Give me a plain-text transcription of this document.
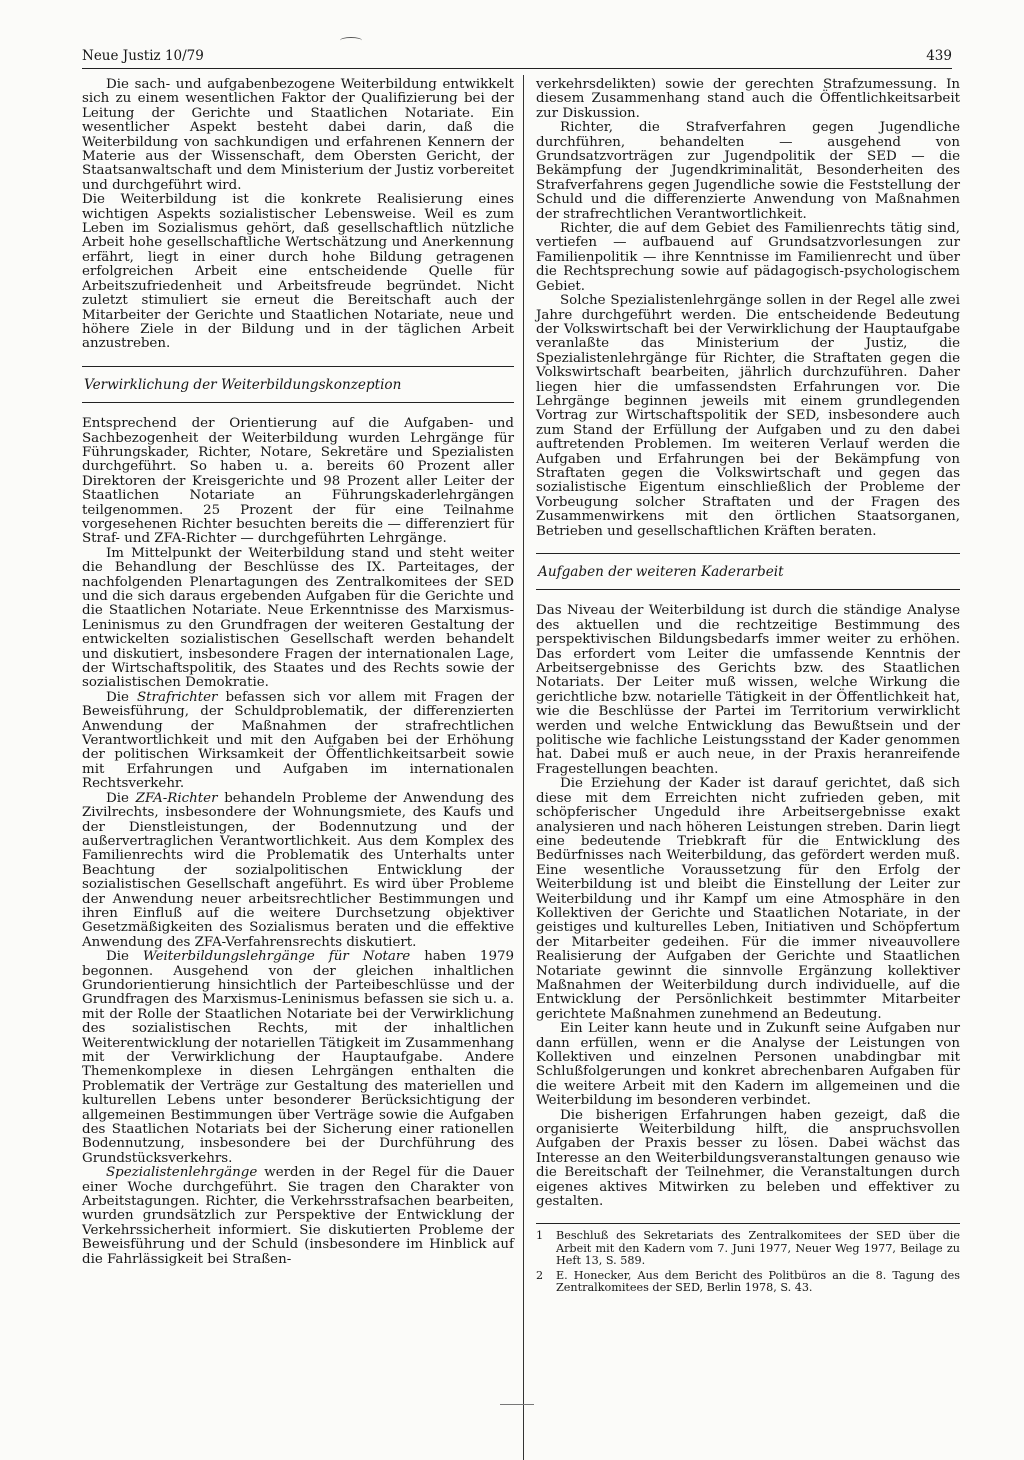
Neue Justiz 10/79	439

Die sach- und aufgabenbezogene Weiterbildung entwikkelt sich zu einem wesentlichen Faktor der Qualifizierung bei der Leitung der Gerichte und Staatlichen Notariate. Ein wesentlicher Aspekt besteht dabei darin, daß die Weiterbildung von sachkundigen und erfahrenen Kennern der Materie aus der Wissenschaft, dem Obersten Gericht, der Staatsanwaltschaft und dem Ministerium der Justiz vorbereitet und durchgeführt wird.

Die Weiterbildung ist die konkrete Realisierung eines wichtigen Aspekts sozialistischer Lebensweise. Weil es zum Leben im Sozialismus gehört, daß gesellschaftlich nützliche Arbeit hohe gesellschaftliche Wertschätzung und Anerkennung erfährt, liegt in einer durch hohe Bildung getragenen erfolgreichen Arbeit eine entscheidende Quelle für Arbeitszufriedenheit und Arbeitsfreude begründet. Nicht zuletzt stimuliert sie erneut die Bereitschaft auch der Mitarbeiter der Gerichte und Staatlichen Notariate, neue und höhere Ziele in der Bildung und in der täglichen Arbeit anzustreben.

Verwirklichung der Weiterbildungskonzeption

Entsprechend der Orientierung auf die Aufgaben- und Sachbezogenheit der Weiterbildung wurden Lehrgänge für Führungskader, Richter, Notare, Sekretäre und Spezialisten durchgeführt. So haben u. a. bereits 60 Prozent aller Direktoren der Kreisgerichte und 98 Prozent aller Leiter der Staatlichen Notariate an Führungskaderlehrgängen teilgenommen. 25 Prozent der für eine Teilnahme vorgesehenen Richter besuchten bereits die — differenziert für Straf- und ZFA-Richter — durchgeführten Lehrgänge.

Im Mittelpunkt der Weiterbildung stand und steht weiter die Behandlung der Beschlüsse des IX. Parteitages, der nachfolgenden Plenartagungen des Zentralkomitees der SED und die sich daraus ergebenden Aufgaben für die Gerichte und die Staatlichen Notariate. Neue Erkenntnisse des Marxismus-Leninismus zu den Grundfragen der weiteren Gestaltung der entwickelten sozialistischen Gesellschaft werden behandelt und diskutiert, insbesondere Fragen der internationalen Lage, der Wirtschaftspolitik, des Staates und des Rechts sowie der sozialistischen Demokratie.

Die Strafrichter befassen sich vor allem mit Fragen der Beweisführung, der Schuldproblematik, der differenzierten Anwendung der Maßnahmen der strafrechtlichen Verantwortlichkeit und mit den Aufgaben bei der Erhöhung der politischen Wirksamkeit der Öffentlichkeitsarbeit sowie mit Erfahrungen und Aufgaben im internationalen Rechtsverkehr.

Die ZFA-Richter behandeln Probleme der Anwendung des Zivilrechts, insbesondere der Wohnungsmiete, des Kaufs und der Dienstleistungen, der Bodennutzung und der außervertraglichen Verantwortlichkeit. Aus dem Komplex des Familienrechts wird die Problematik des Unterhalts unter Beachtung der sozialpolitischen Entwicklung der sozialistischen Gesellschaft angeführt. Es wird über Probleme der Anwendung neuer arbeitsrechtlicher Bestimmungen und ihren Einfluß auf die weitere Durchsetzung objektiver Gesetzmäßigkeiten des Sozialismus beraten und die effektive Anwendung des ZFA-Verfahrensrechts diskutiert.

Die Weiterbildungslehrgänge für Notare haben 1979 begonnen. Ausgehend von der gleichen inhaltlichen Grundorientierung hinsichtlich der Parteibeschlüsse und der Grundfragen des Marxismus-Leninismus befassen sie sich u. a. mit der Rolle der Staatlichen Notariate bei der Verwirklichung des sozialistischen Rechts, mit der inhaltlichen Weiterentwicklung der notariellen Tätigkeit im Zusammenhang mit der Verwirklichung der Hauptaufgabe. Andere Themenkomplexe in diesen Lehrgängen enthalten die Problematik der Verträge zur Gestaltung des materiellen und kulturellen Lebens unter besonderer Berücksichtigung der allgemeinen Bestimmungen über Verträge sowie die Aufgaben des Staatlichen Notariats bei der Sicherung einer rationellen Bodennutzung, insbesondere bei der Durchführung des Grundstücksverkehrs.

Spezialistenlehrgänge werden in der Regel für die Dauer einer Woche durchgeführt. Sie tragen den Charakter von Arbeitstagungen. Richter, die Verkehrsstrafsachen bearbeiten, wurden grundsätzlich zur Perspektive der Entwicklung der Verkehrssicherheit informiert. Sie diskutierten Probleme der Beweisführung und der Schuld (insbesondere im Hinblick auf die Fahrlässigkeit bei Straßen-

verkehrsdelikten) sowie der gerechten Strafzumessung. In diesem Zusammenhang stand auch die Öffentlichkeitsarbeit zur Diskussion.

Richter, die Strafverfahren gegen Jugendliche durchführen, behandelten — ausgehend von Grundsatzvorträgen zur Jugendpolitik der SED — die Bekämpfung der Jugendkriminalität, Besonderheiten des Strafverfahrens gegen Jugendliche sowie die Feststellung der Schuld und die differenzierte Anwendung von Maßnahmen der strafrechtlichen Verantwortlichkeit.

Richter, die auf dem Gebiet des Familienrechts tätig sind, vertiefen — aufbauend auf Grundsatzvorlesungen zur Familienpolitik — ihre Kenntnisse im Familienrecht und über die Rechtsprechung sowie auf pädagogisch-psychologischem Gebiet.

Solche Spezialistenlehrgänge sollen in der Regel alle zwei Jahre durchgeführt werden. Die entscheidende Bedeutung der Volkswirtschaft bei der Verwirklichung der Hauptaufgabe veranlaßte das Ministerium der Justiz, die Spezialistenlehrgänge für Richter, die Straftaten gegen die Volkswirtschaft bearbeiten, jährlich durchzuführen. Daher liegen hier die umfassendsten Erfahrungen vor. Die Lehrgänge beginnen jeweils mit einem grundlegenden Vortrag zur Wirtschaftspolitik der SED, insbesondere auch zum Stand der Erfüllung der Aufgaben und zu den dabei auftretenden Problemen. Im weiteren Verlauf werden die Aufgaben und Erfahrungen bei der Bekämpfung von Straftaten gegen die Volkswirtschaft und gegen das sozialistische Eigentum einschließlich der Probleme der Vorbeugung solcher Straftaten und der Fragen des Zusammenwirkens mit den örtlichen Staatsorganen, Betrieben und gesellschaftlichen Kräften beraten.

Aufgaben der weiteren Kaderarbeit

Das Niveau der Weiterbildung ist durch die ständige Analyse des aktuellen und die rechtzeitige Bestimmung des perspektivischen Bildungsbedarfs immer weiter zu erhöhen. Das erfordert vom Leiter die umfassende Kenntnis der Arbeitsergebnisse des Gerichts bzw. des Staatlichen Notariats. Der Leiter muß wissen, welche Wirkung die gerichtliche bzw. notarielle Tätigkeit in der Öffentlichkeit hat, wie die Beschlüsse der Partei im Territorium verwirklicht werden und welche Entwicklung das Bewußtsein und der politische wie fachliche Leistungsstand der Kader genommen hat. Dabei muß er auch neue, in der Praxis heranreifende Fragestellungen beachten.

Die Erziehung der Kader ist darauf gerichtet, daß sich diese mit dem Erreichten nicht zufrieden geben, mit schöpferischer Ungeduld ihre Arbeitsergebnisse exakt analysieren und nach höheren Leistungen streben. Darin liegt eine bedeutende Triebkraft für die Entwicklung des Bedürfnisses nach Weiterbildung, das gefördert werden muß. Eine wesentliche Voraussetzung für den Erfolg der Weiterbildung ist und bleibt die Einstellung der Leiter zur Weiterbildung und ihr Kampf um eine Atmosphäre in den Kollektiven der Gerichte und Staatlichen Notariate, in der geistiges und kulturelles Leben, Initiativen und Schöpfertum der Mitarbeiter gedeihen. Für die immer niveauvollere Realisierung der Aufgaben der Gerichte und Staatlichen Notariate gewinnt die sinnvolle Ergänzung kollektiver Maßnahmen der Weiterbildung durch individuelle, auf die Entwicklung der Persönlichkeit bestimmter Mitarbeiter gerichtete Maßnahmen zunehmend an Bedeutung.

Ein Leiter kann heute und in Zukunft seine Aufgaben nur dann erfüllen, wenn er die Analyse der Leistungen von Kollektiven und einzelnen Personen unabdingbar mit Schlußfolgerungen und konkret abrechenbaren Aufgaben für die weitere Arbeit mit den Kadern im allgemeinen und die Weiterbildung im besonderen verbindet.

Die bisherigen Erfahrungen haben gezeigt, daß die organisierte Weiterbildung hilft, die anspruchsvollen Aufgaben der Praxis besser zu lösen. Dabei wächst das Interesse an den Weiterbildungsveranstaltungen genauso wie die Bereitschaft der Teilnehmer, die Veranstaltungen durch eigenes aktives Mitwirken zu beleben und effektiver zu gestalten.

1	Beschluß des Sekretariats des Zentralkomitees der SED über die Arbeit mit den Kadern vom 7. Juni 1977, Neuer Weg 1977, Beilage zu Heft 13, S. 589.
2	E. Honecker, Aus dem Bericht des Politbüros an die 8. Tagung des Zentralkomitees der SED, Berlin 1978, S. 43.
